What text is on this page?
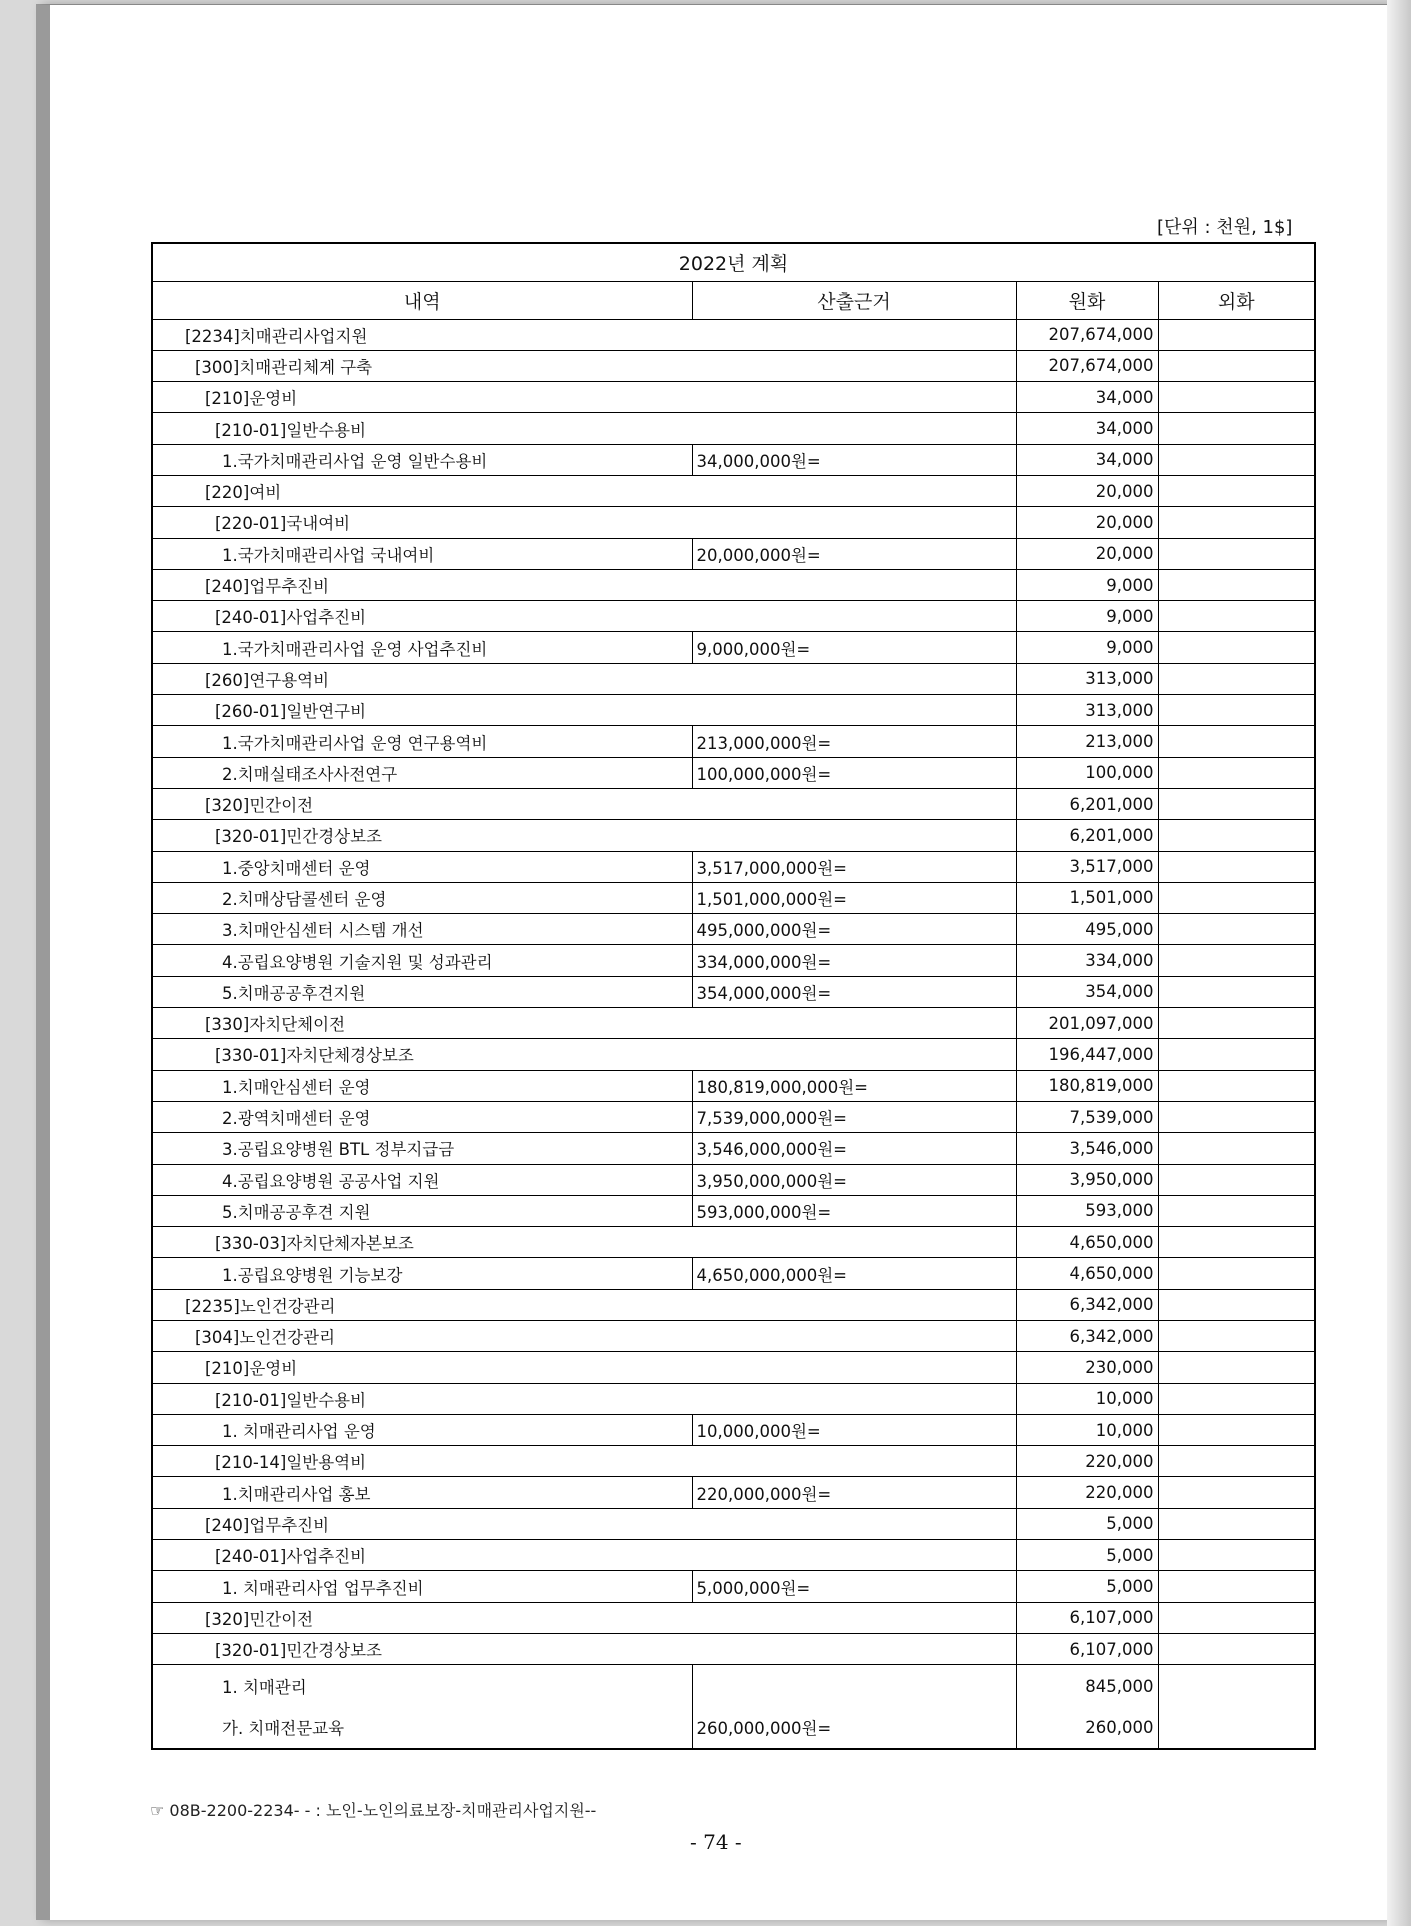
[단위 : 천원, 1$]
2022년 계획			
내역	산출근거	원화	외화
[2234]치매관리사업지원		207,674,000	
[300]치매관리체계 구축		207,674,000	
[210]운영비		34,000	
[210-01]일반수용비		34,000	
1.국가치매관리사업 운영 일반수용비	34,000,000원=	34,000	
[220]여비		20,000	
[220-01]국내여비		20,000	
1.국가치매관리사업 국내여비	20,000,000원=	20,000	
[240]업무추진비		9,000	
[240-01]사업추진비		9,000	
1.국가치매관리사업 운영 사업추진비	9,000,000원=	9,000	
[260]연구용역비		313,000	
[260-01]일반연구비		313,000	
1.국가치매관리사업 운영 연구용역비	213,000,000원=	213,000	
2.치매실태조사사전연구	100,000,000원=	100,000	
[320]민간이전		6,201,000	
[320-01]민간경상보조		6,201,000	
1.중앙치매센터 운영	3,517,000,000원=	3,517,000	
2.치매상담콜센터 운영	1,501,000,000원=	1,501,000	
3.치매안심센터 시스템 개선	495,000,000원=	495,000	
4.공립요양병원 기술지원 및 성과관리	334,000,000원=	334,000	
5.치매공공후견지원	354,000,000원=	354,000	
[330]자치단체이전		201,097,000	
[330-01]자치단체경상보조		196,447,000	
1.치매안심센터 운영	180,819,000,000원=	180,819,000	
2.광역치매센터 운영	7,539,000,000원=	7,539,000	
3.공립요양병원 BTL 정부지급금	3,546,000,000원=	3,546,000	
4.공립요양병원 공공사업 지원	3,950,000,000원=	3,950,000	
5.치매공공후견 지원	593,000,000원=	593,000	
[330-03]자치단체자본보조		4,650,000	
1.공립요양병원 기능보강	4,650,000,000원=	4,650,000	
[2235]노인건강관리		6,342,000	
[304]노인건강관리		6,342,000	
[210]운영비		230,000	
[210-01]일반수용비		10,000	
1. 치매관리사업 운영	10,000,000원=	10,000	
[210-14]일반용역비		220,000	
1.치매관리사업 홍보	220,000,000원=	220,000	
[240]업무추진비		5,000	
[240-01]사업추진비		5,000	
1. 치매관리사업 업무추진비	5,000,000원=	5,000	
[320]민간이전		6,107,000	
[320-01]민간경상보조		6,107,000	
1. 치매관리		845,000	
가. 치매전문교육	260,000,000원=	260,000	
☞ 08B-2200-2234- - : 노인-노인의료보장-치매관리사업지원--
- 74 -
